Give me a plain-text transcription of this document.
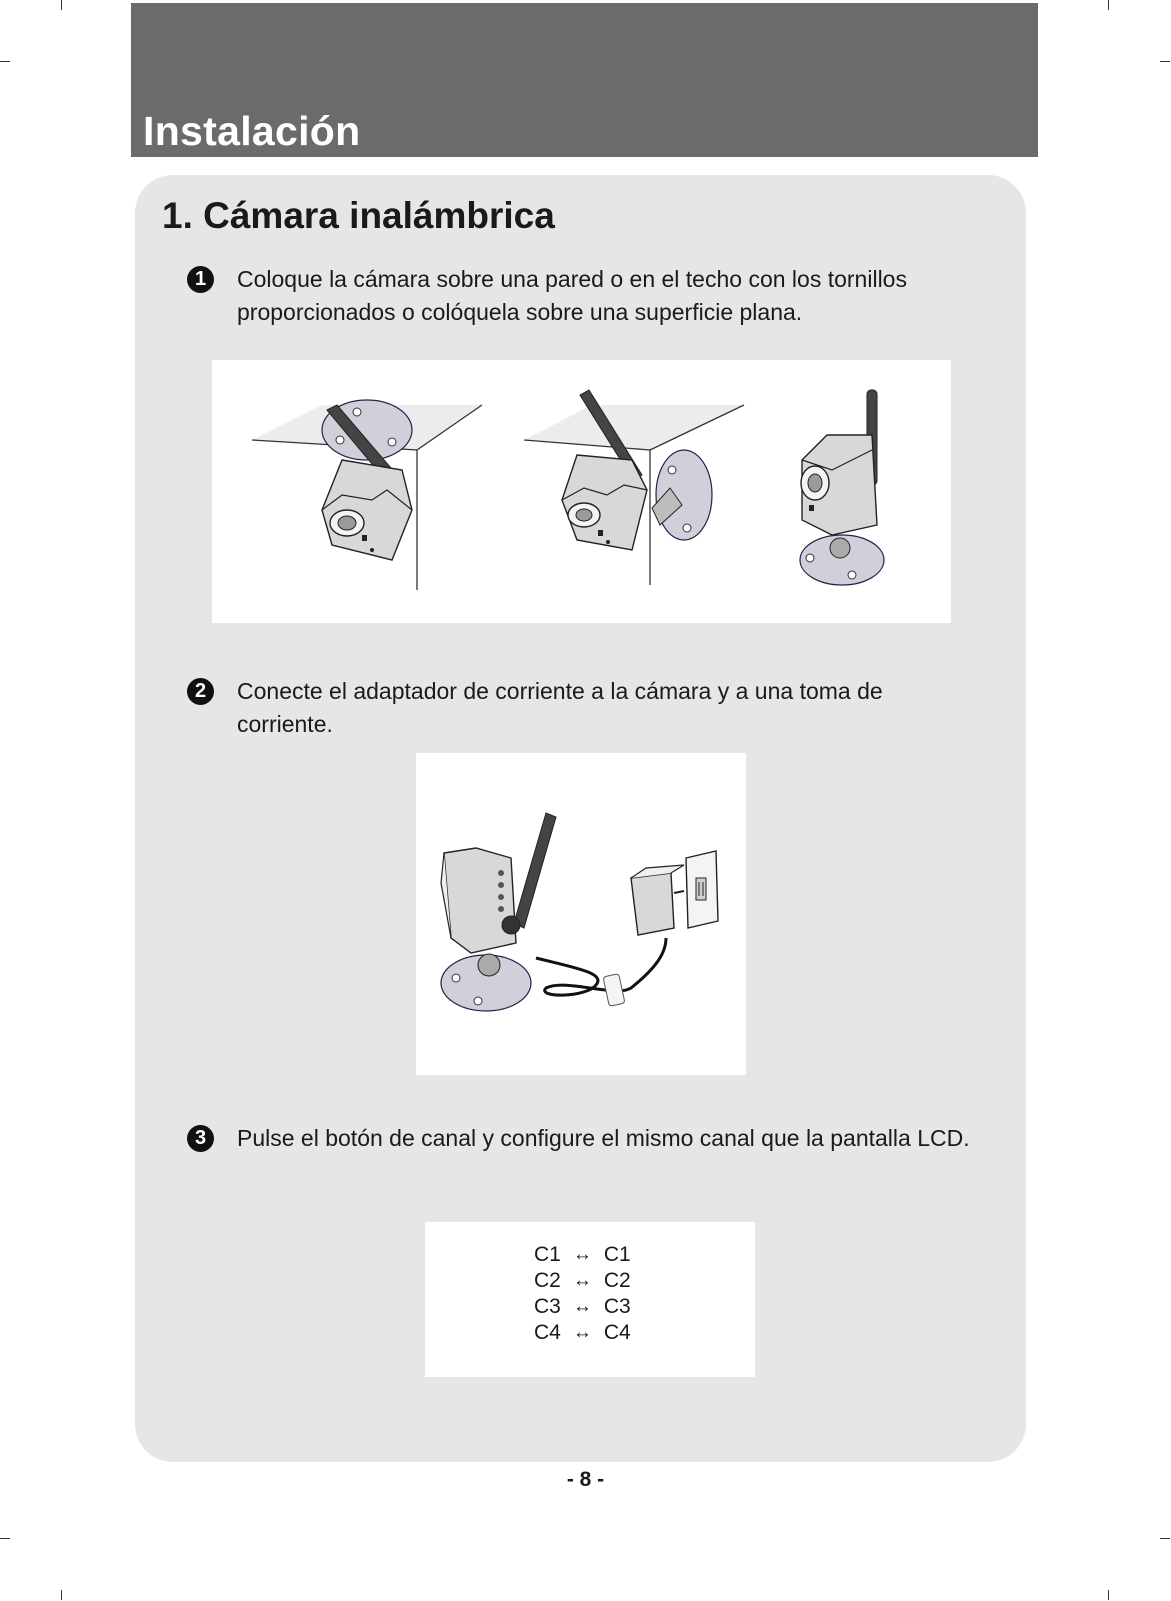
Instalación
1. Cámara inalámbrica
1	Coloque la cámara sobre una pared o en el techo con los tornillos proporcionados o colóquela sobre una superficie plana.

2	Conecte el adaptador de corriente a la cámara y a una toma de corriente.

3	Pulse el botón de canal y configure el mismo canal que la pantalla LCD.

C1	↔	C1
C2	↔	C2
C3	↔	C3
C4	↔	C4

- 8 -
